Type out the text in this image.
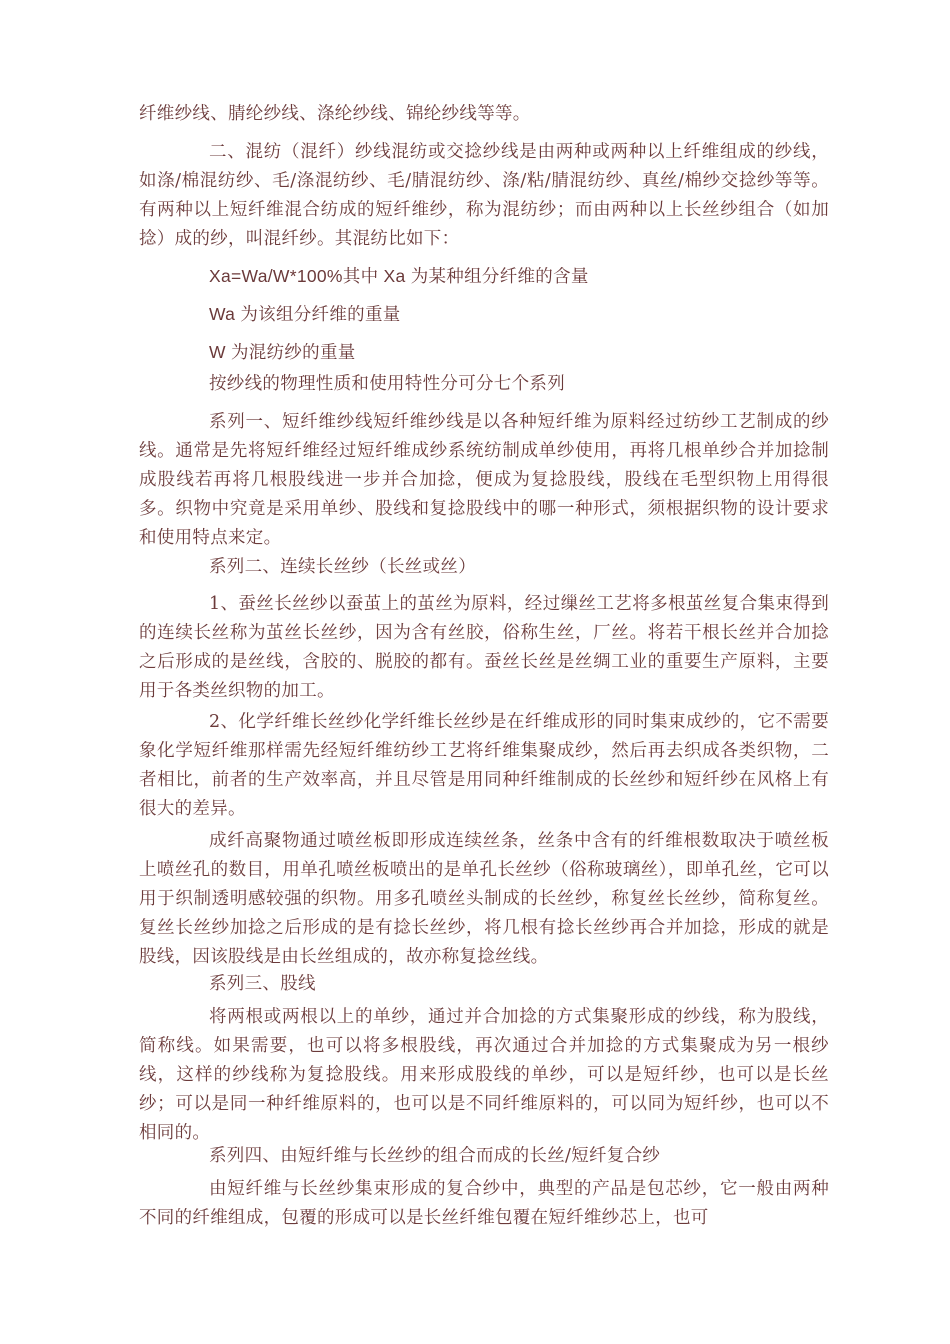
纤维纱线、腈纶纱线、涤纶纱线、锦纶纱线等等。

二、混纺（混纤）纱线混纺或交捻纱线是由两种或两种以上纤维组成的纱线，如涤/棉混纺纱、毛/涤混纺纱、毛/腈混纺纱、涤/粘/腈混纺纱、真丝/棉纱交捻纱等等。有两种以上短纤维混合纺成的短纤维纱，称为混纺纱；而由两种以上长丝纱组合（如加捻）成的纱，叫混纤纱。其混纺比如下：

Xa=Wa/W*100%其中 Xa 为某种组分纤维的含量

Wa 为该组分纤维的重量

W 为混纺纱的重量

按纱线的物理性质和使用特性分可分七个系列

系列一、短纤维纱线短纤维纱线是以各种短纤维为原料经过纺纱工艺制成的纱线。通常是先将短纤维经过短纤维成纱系统纺制成单纱使用，再将几根单纱合并加捻制成股线若再将几根股线进一步并合加捻，便成为复捻股线，股线在毛型织物上用得很多。织物中究竟是采用单纱、股线和复捻股线中的哪一种形式，须根据织物的设计要求和使用特点来定。

系列二、连续长丝纱（长丝或丝）

1、蚕丝长丝纱以蚕茧上的茧丝为原料，经过缫丝工艺将多根茧丝复合集束得到的连续长丝称为茧丝长丝纱，因为含有丝胶，俗称生丝，厂丝。将若干根长丝并合加捻之后形成的是丝线，含胶的、脱胶的都有。蚕丝长丝是丝绸工业的重要生产原料，主要用于各类丝织物的加工。

2、化学纤维长丝纱化学纤维长丝纱是在纤维成形的同时集束成纱的，它不需要象化学短纤维那样需先经短纤维纺纱工艺将纤维集聚成纱，然后再去织成各类织物，二者相比，前者的生产效率高，并且尽管是用同种纤维制成的长丝纱和短纤纱在风格上有很大的差异。

成纤高聚物通过喷丝板即形成连续丝条，丝条中含有的纤维根数取决于喷丝板上喷丝孔的数目，用单孔喷丝板喷出的是单孔长丝纱（俗称玻璃丝），即单孔丝，它可以用于织制透明感较强的织物。用多孔喷丝头制成的长丝纱，称复丝长丝纱，简称复丝。复丝长丝纱加捻之后形成的是有捻长丝纱，将几根有捻长丝纱再合并加捻，形成的就是股线，因该股线是由长丝组成的，故亦称复捻丝线。

系列三、股线

将两根或两根以上的单纱，通过并合加捻的方式集聚形成的纱线，称为股线，简称线。如果需要，也可以将多根股线，再次通过合并加捻的方式集聚成为另一根纱线，这样的纱线称为复捻股线。用来形成股线的单纱，可以是短纤纱，也可以是长丝纱；可以是同一种纤维原料的，也可以是不同纤维原料的，可以同为短纤纱，也可以不相同的。

系列四、由短纤维与长丝纱的组合而成的长丝/短纤复合纱

由短纤维与长丝纱集束形成的复合纱中，典型的产品是包芯纱，它一般由两种不同的纤维组成，包覆的形成可以是长丝纤维包覆在短纤维纱芯上，也可
